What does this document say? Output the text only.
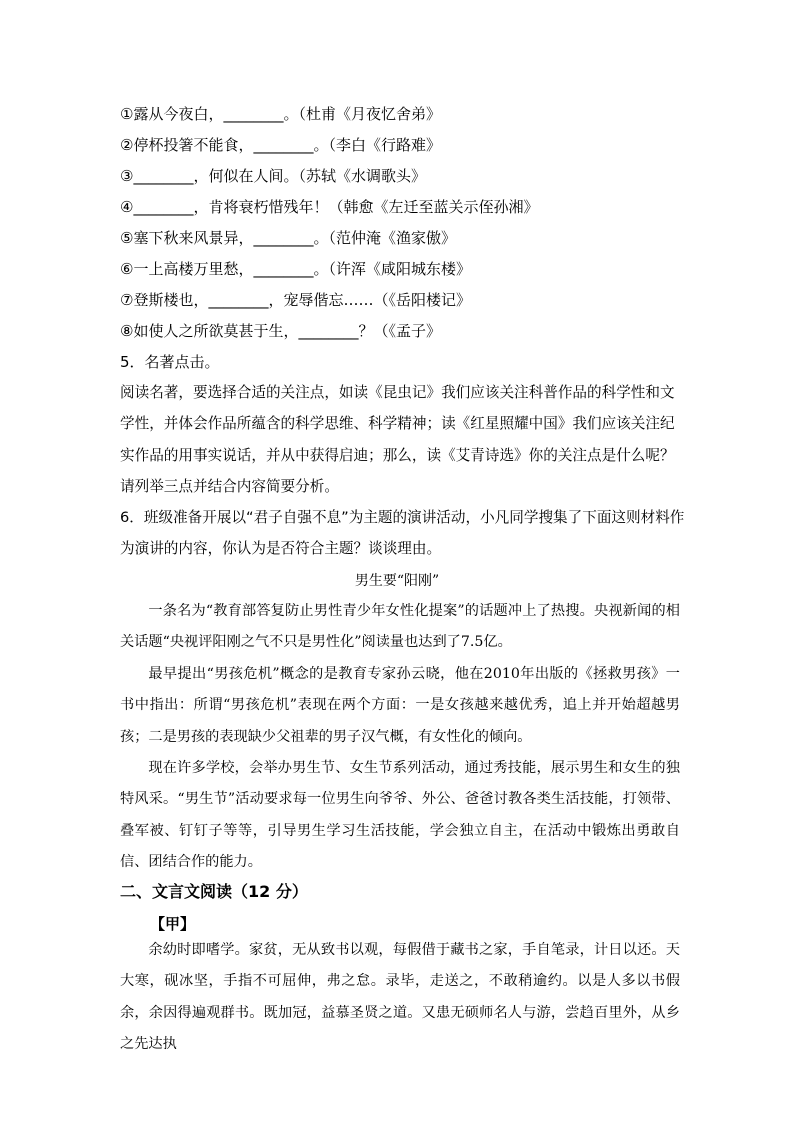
①露从今夜白，________。（杜甫《月夜忆舍弟》
②停杯投箸不能食，________。（李白《行路难》
③________，何似在人间。（苏轼《水调歌头》
④________，肯将衰朽惜残年！（韩愈《左迁至蓝关示侄孙湘》
⑤塞下秋来风景异，________。（范仲淹《渔家傲》
⑥一上高楼万里愁，________。（许浑《咸阳城东楼》
⑦登斯楼也，________，宠辱偕忘……（《岳阳楼记》
⑧如使人之所欲莫甚于生，________？（《孟子》
5．名著点击。
阅读名著，要选择合适的关注点，如读《昆虫记》我们应该关注科普作品的科学性和文学性，并体会作品所蕴含的科学思维、科学精神；读《红星照耀中国》我们应该关注纪实作品的用事实说话，并从中获得启迪；那么，读《艾青诗选》你的关注点是什么呢？请列举三点并结合内容简要分析。
6．班级准备开展以“君子自强不息”为主题的演讲活动，小凡同学搜集了下面这则材料作为演讲的内容，你认为是否符合主题？谈谈理由。
男生要“阳刚”
一条名为“教育部答复防止男性青少年女性化提案”的话题冲上了热搜。央视新闻的相关话题“央视评阳刚之气不只是男性化”阅读量也达到了7.5亿。
最早提出“男孩危机”概念的是教育专家孙云晓，他在2010年出版的《拯救男孩》一书中指出：所谓“男孩危机”表现在两个方面：一是女孩越来越优秀，追上并开始超越男孩；二是男孩的表现缺少父祖辈的男子汉气概，有女性化的倾向。
现在许多学校，会举办男生节、女生节系列活动，通过秀技能，展示男生和女生的独特风采。“男生节”活动要求每一位男生向爷爷、外公、爸爸讨教各类生活技能，打领带、叠军被、钉钉子等等，引导男生学习生活技能，学会独立自主，在活动中锻炼出勇敢自信、团结合作的能力。
二、文言文阅读（12 分）
【甲】
余幼时即嗜学。家贫，无从致书以观，每假借于藏书之家，手自笔录，计日以还。天大寒，砚冰坚，手指不可屈伸，弗之怠。录毕，走送之，不敢稍逾约。以是人多以书假余，余因得遍观群书。既加冠，益慕圣贤之道。又患无硕师名人与游，尝趋百里外，从乡之先达执
